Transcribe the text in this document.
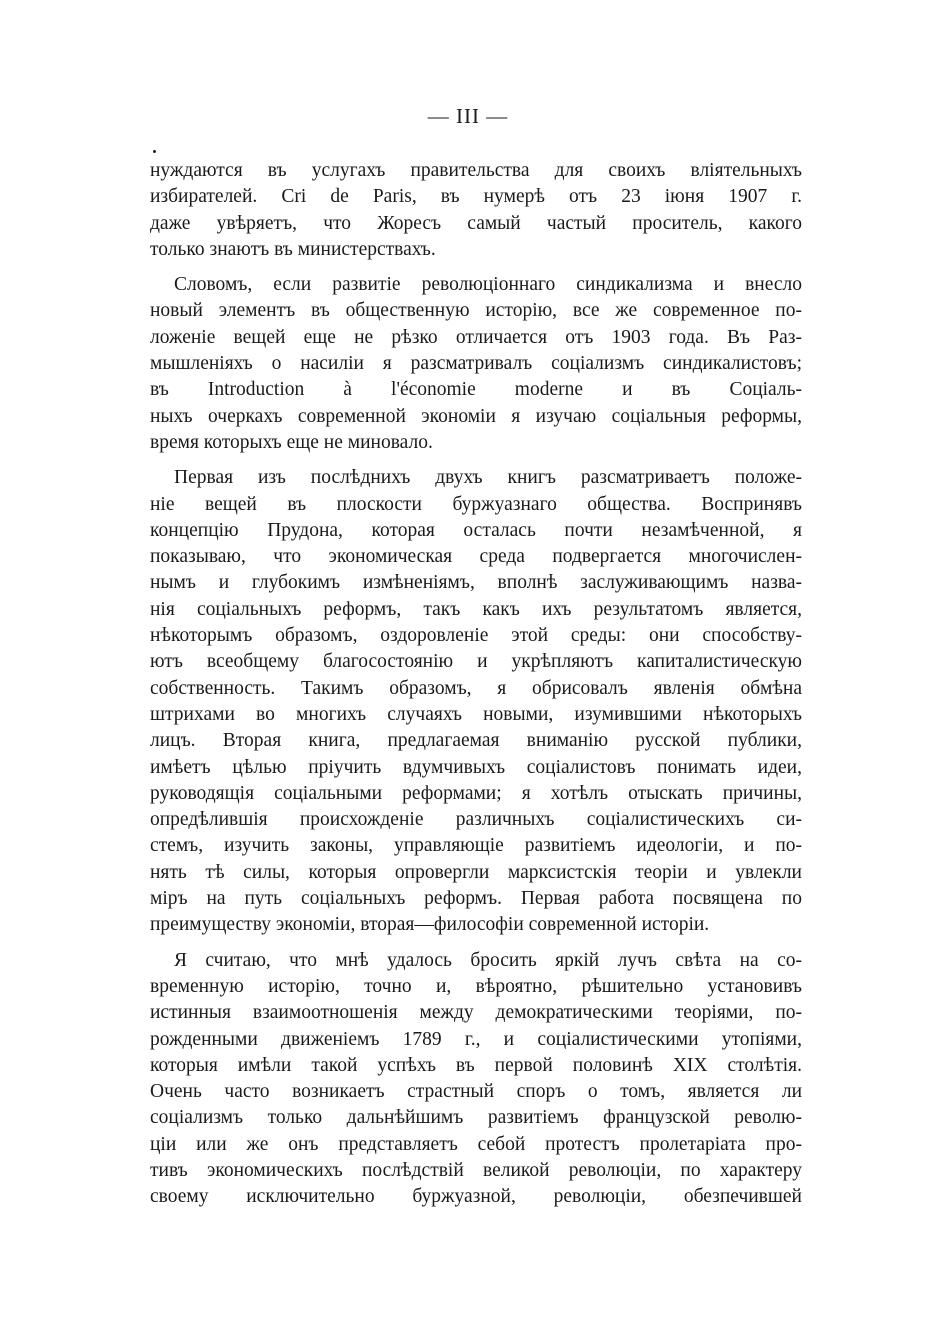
— III —
нуждаются въ услугахъ правительства для своихъ вліятельныхъ
избирателей. Cri de Paris, въ нумерѣ отъ 23 іюня 1907 г.
даже увѣряетъ, что Жоресъ самый частый проситель, какого
только знаютъ въ министерствахъ.
Словомъ, если развитіе революціоннаго синдикализма и внесло
новый элементъ въ общественную исторію, все же современное по-
ложеніе вещей еще не рѣзко отличается отъ 1903 года. Въ Раз-
мышленіяхъ о насиліи я разсматривалъ соціализмъ синдикалистовъ;
въ Introduction à l'économie moderne и въ Соціаль-
ныхъ очеркахъ современной экономіи я изучаю соціальныя реформы,
время которыхъ еще не миновало.
Первая изъ послѣднихъ двухъ книгъ разсматриваетъ положе-
ніе вещей въ плоскости буржуазнаго общества. Воспринявъ
концепцію Прудона, которая осталась почти незамѣченной, я
показываю, что экономическая среда подвергается многочислен-
нымъ и глубокимъ измѣненіямъ, вполнѣ заслуживающимъ назва-
нія соціальныхъ реформъ, такъ какъ ихъ результатомъ является,
нѣкоторымъ образомъ, оздоровленіе этой среды: они способству-
ютъ всеобщему благосостоянію и укрѣпляютъ капиталистическую
собственность. Такимъ образомъ, я обрисовалъ явленія обмѣна
штрихами во многихъ случаяхъ новыми, изумившими нѣкоторыхъ
лицъ. Вторая книга, предлагаемая вниманію русской публики,
имѣетъ цѣлью пріучить вдумчивыхъ соціалистовъ понимать идеи,
руководящія соціальными реформами; я хотѣлъ отыскать причины,
опредѣлившія происхожденіе различныхъ соціалистическихъ си-
стемъ, изучить законы, управляющіе развитіемъ идеологіи, и по-
нять тѣ силы, которыя опровергли марксистскія теоріи и увлекли
міръ на путь соціальныхъ реформъ. Первая работа посвящена по
преимуществу экономіи, вторая—философіи современной исторіи.
Я считаю, что мнѣ удалось бросить яркій лучъ свѣта на со-
временную исторію, точно и, вѣроятно, рѣшительно установивъ
истинныя взаимоотношенія между демократическими теоріями, по-
рожденными движеніемъ 1789 г., и соціалистическими утопіями,
которыя имѣли такой успѣхъ въ первой половинѣ XIX столѣтія.
Очень часто возникаетъ страстный споръ о томъ, является ли
соціализмъ только дальнѣйшимъ развитіемъ французской револю-
ціи или же онъ представляетъ себой протестъ пролетаріата про-
тивъ экономическихъ послѣдствій великой революціи, по характеру
своему исключительно буржуазной, революціи, обезпечившей
